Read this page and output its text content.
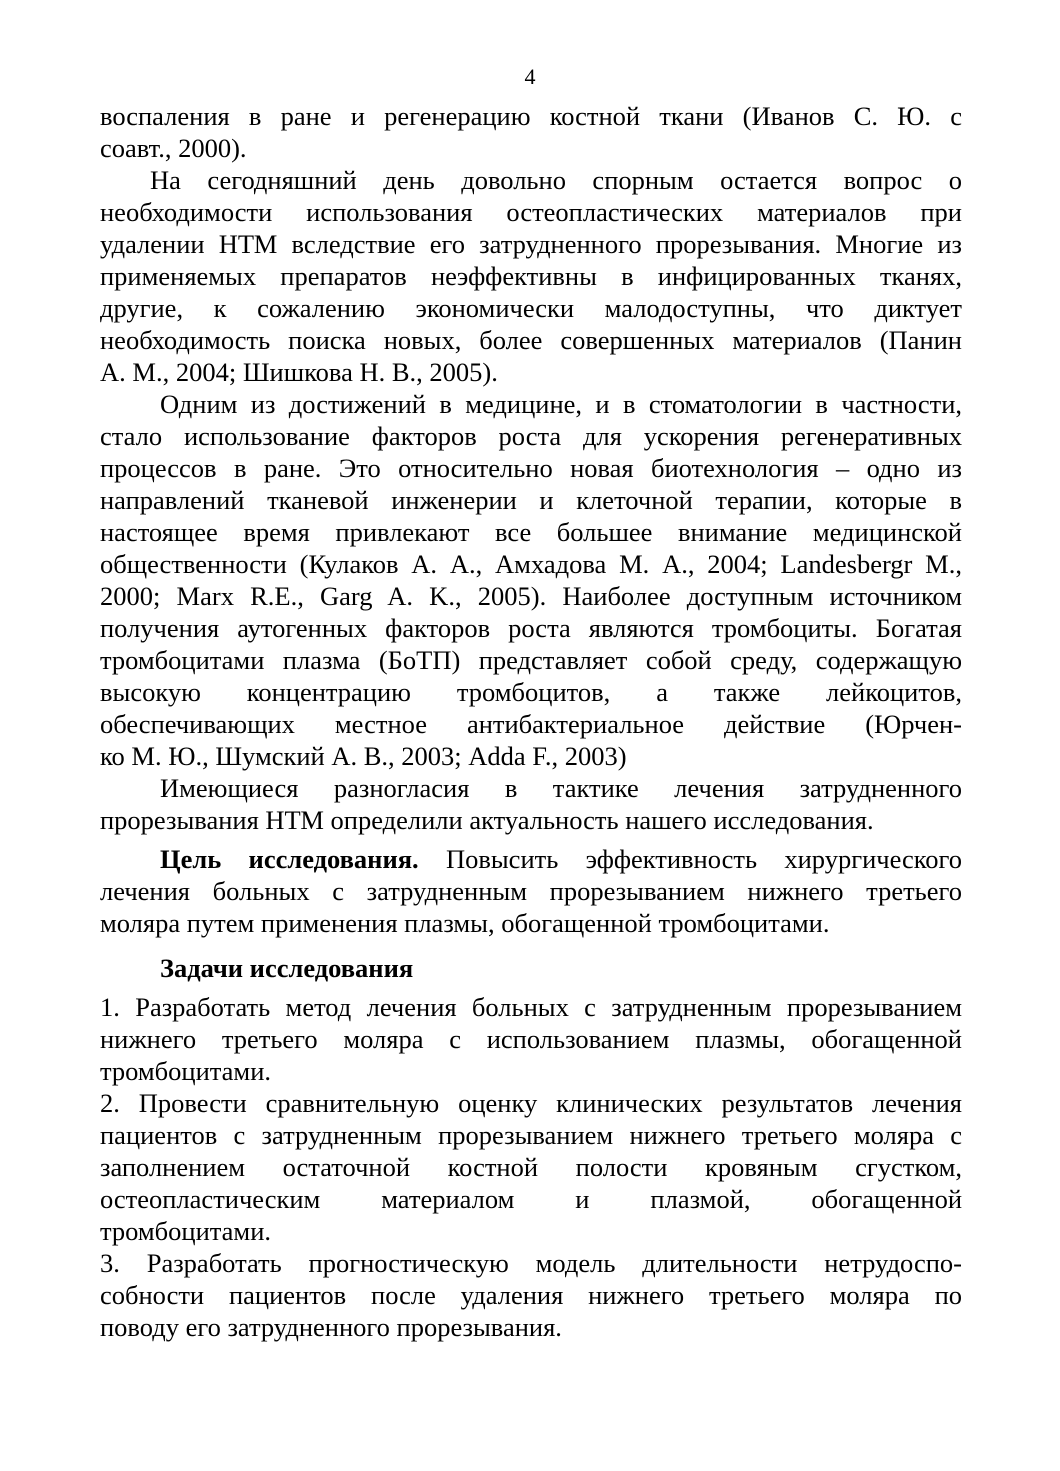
4
воспаления в ране и регенерацию костной ткани (Иванов С. Ю. с
соавт., 2000).
На сегодняшний день довольно спорным остается вопрос о
необходимости использования остеопластических материалов при
удалении НТМ вследствие его затрудненного прорезывания. Многие из
применяемых препаратов неэффективны в инфицированных тканях,
другие, к сожалению экономически малодоступны, что диктует
необходимость поиска новых, более совершенных материалов (Панин
А. М., 2004; Шишкова Н. В., 2005).
Одним из достижений в медицине, и в стоматологии в частности,
стало использование факторов роста для ускорения регенеративных
процессов в ране. Это относительно новая биотехнология – одно из
направлений тканевой инженерии и клеточной терапии, которые в
настоящее время привлекают все большее внимание медицинской
общественности (Кулаков А. А., Амхадова М. А., 2004; Landesbergr M.,
2000; Marx R.E., Garg A. K., 2005). Наиболее доступным источником
получения аутогенных факторов роста являются тромбоциты. Богатая
тромбоцитами плазма (БоТП) представляет собой среду, содержащую
высокую концентрацию тромбоцитов, а также лейкоцитов,
обеспечивающих местное антибактериальное действие (Юрчен-
ко М. Ю., Шумский А. В., 2003; Adda F., 2003)
Имеющиеся разногласия в тактике лечения затрудненного
прорезывания НТМ определили актуальность нашего исследования.
Цель исследования. Повысить эффективность хирургического
лечения больных с затрудненным прорезыванием нижнего третьего
моляра путем применения плазмы, обогащенной тромбоцитами.
Задачи исследования
1. Разработать метод лечения больных с затрудненным прорезыванием
нижнего третьего моляра с использованием плазмы, обогащенной
тромбоцитами.
2. Провести сравнительную оценку клинических результатов лечения
пациентов с затрудненным прорезыванием нижнего третьего моляра с
заполнением остаточной костной полости кровяным сгустком,
остеопластическим материалом и плазмой, обогащенной
тромбоцитами.
3. Разработать прогностическую модель длительности нетрудоспо-
собности пациентов после удаления нижнего третьего моляра по
поводу его затрудненного прорезывания.
